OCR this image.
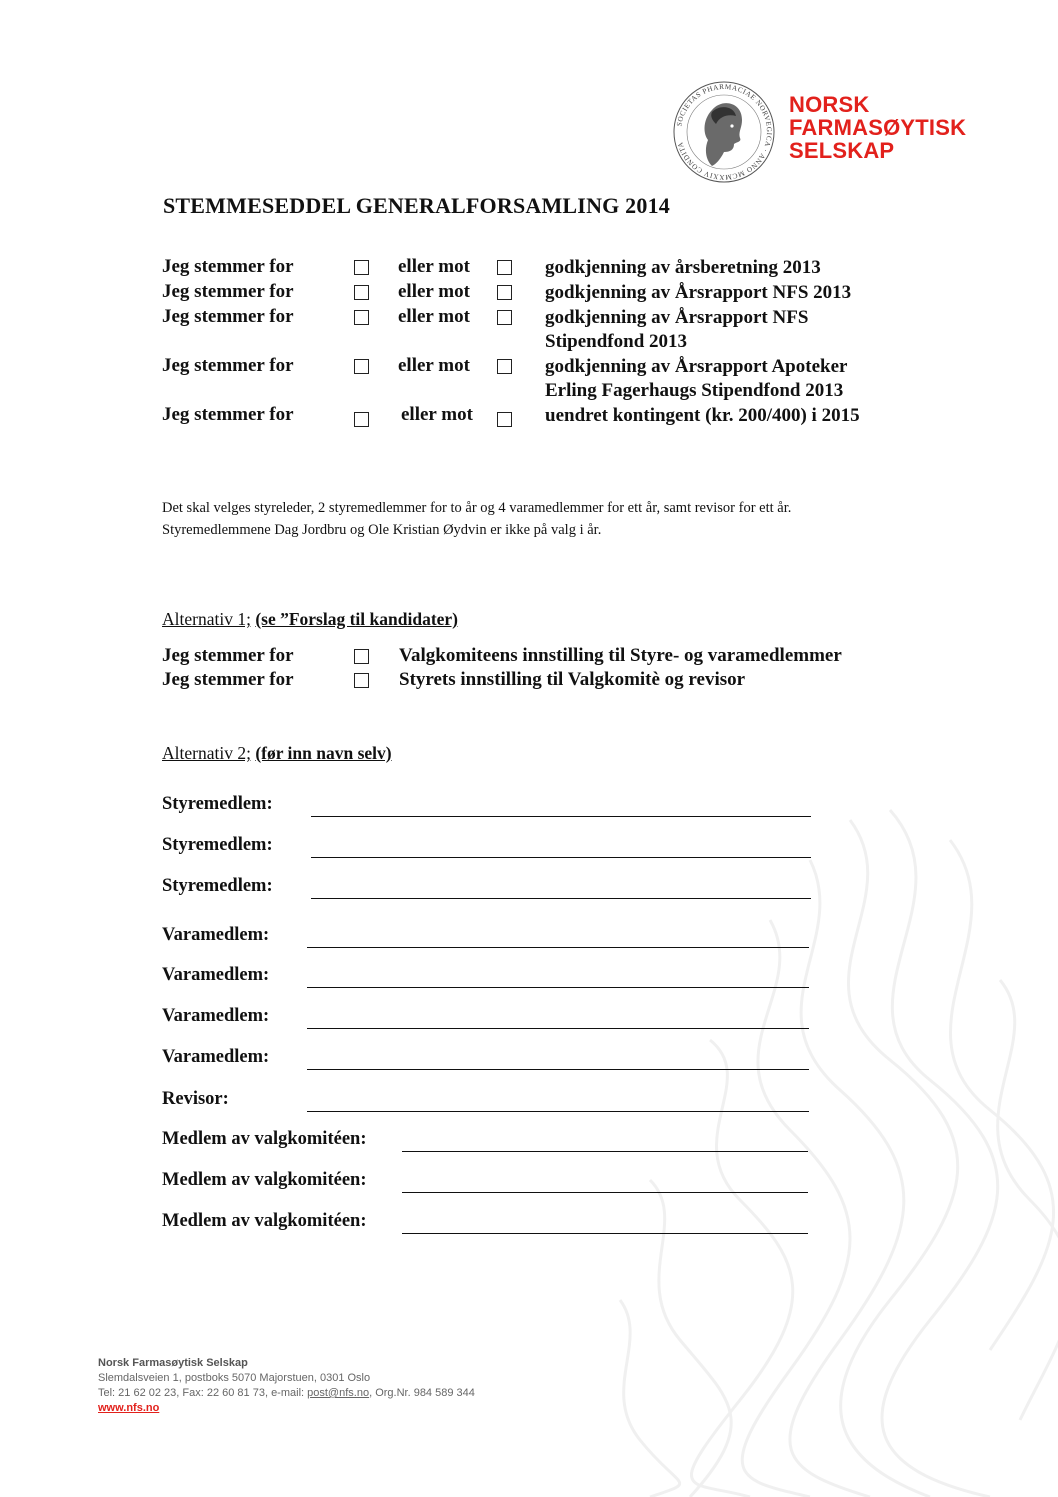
SOCIETAS PHARMACIAE NORVEGICA · ANNO MCMXXIV CONDITA
NORSK
FARMASØYTISK
SELSKAP
STEMMESEDDEL GENERALFORSAMLING 2014
Jeg stemmer for	eller mot	godkjenning av årsberetning 2013
Jeg stemmer for	eller mot	godkjenning av Årsrapport NFS 2013
Jeg stemmer for	eller mot	godkjenning av Årsrapport NFS Stipendfond 2013
Jeg stemmer for	eller mot	godkjenning av Årsrapport Apoteker Erling Fagerhaugs Stipendfond 2013
Jeg stemmer for	eller mot	uendret kontingent (kr. 200/400) i 2015
Det skal velges styreleder, 2 styremedlemmer for to år og 4 varamedlemmer for ett år, samt revisor for ett år.
Styremedlemmene Dag Jordbru og Ole Kristian Øydvin er ikke på valg i år.
Alternativ 1; (se ”Forslag til kandidater)
Jeg stemmer for	Valgkomiteens innstilling til Styre- og varamedlemmer
Jeg stemmer for	Styrets innstilling til Valgkomitè og revisor
Alternativ 2; (før inn navn selv)
Styremedlem:
Styremedlem:
Styremedlem:
Varamedlem:
Varamedlem:
Varamedlem:
Varamedlem:
Revisor:
Medlem av valgkomitéen:
Medlem av valgkomitéen:
Medlem av valgkomitéen:
Norsk Farmasøytisk Selskap
Slemdalsveien 1, postboks 5070 Majorstuen, 0301 Oslo
Tel: 21 62 02 23, Fax: 22 60 81 73, e-mail: post@nfs.no, Org.Nr. 984 589 344
www.nfs.no
